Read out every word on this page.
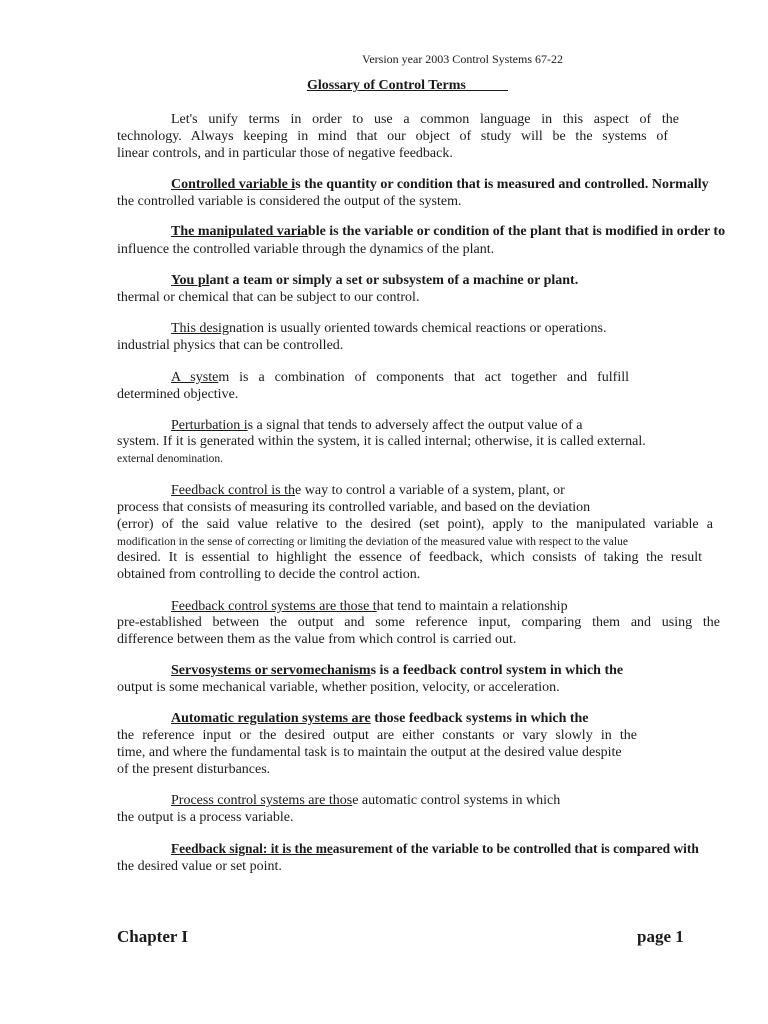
Version year 2003 Control Systems 67-22
Glossary of Control Terms______
Let's unify terms in order to use a common language in this aspect of the
technology. Always keeping in mind that our object of study will be the systems of
linear controls, and in particular those of negative feedback.
Controlled variable is the quantity or condition that is measured and controlled. Normally
the controlled variable is considered the output of the system.
The manipulated variable is the variable or condition of the plant that is modified in order to
influence the controlled variable through the dynamics of the plant.
You plant a team or simply a set or subsystem of a machine or plant.
thermal or chemical that can be subject to our control.
This designation is usually oriented towards chemical reactions or operations.
industrial physics that can be controlled.
A system is a combination of components that act together and fulfill
determined objective.
Perturbation is a signal that tends to adversely affect the output value of a
system. If it is generated within the system, it is called internal; otherwise, it is called external.
external denomination.
Feedback control is the way to control a variable of a system, plant, or
process that consists of measuring its controlled variable, and based on the deviation
(error) of the said value relative to the desired (set point), apply to the manipulated variable a
modification in the sense of correcting or limiting the deviation of the measured value with respect to the value
desired. It is essential to highlight the essence of feedback, which consists of taking the result
obtained from controlling to decide the control action.
Feedback control systems are those that tend to maintain a relationship
pre-established between the output and some reference input, comparing them and using the
difference between them as the value from which control is carried out.
Servosystems or servomechanisms is a feedback control system in which the
output is some mechanical variable, whether position, velocity, or acceleration.
Automatic regulation systems are those feedback systems in which the
the reference input or the desired output are either constants or vary slowly in the
time, and where the fundamental task is to maintain the output at the desired value despite
of the present disturbances.
Process control systems are those automatic control systems in which
the output is a process variable.
Feedback signal: it is the measurement of the variable to be controlled that is compared with
the desired value or set point.
Chapter I	page 1
